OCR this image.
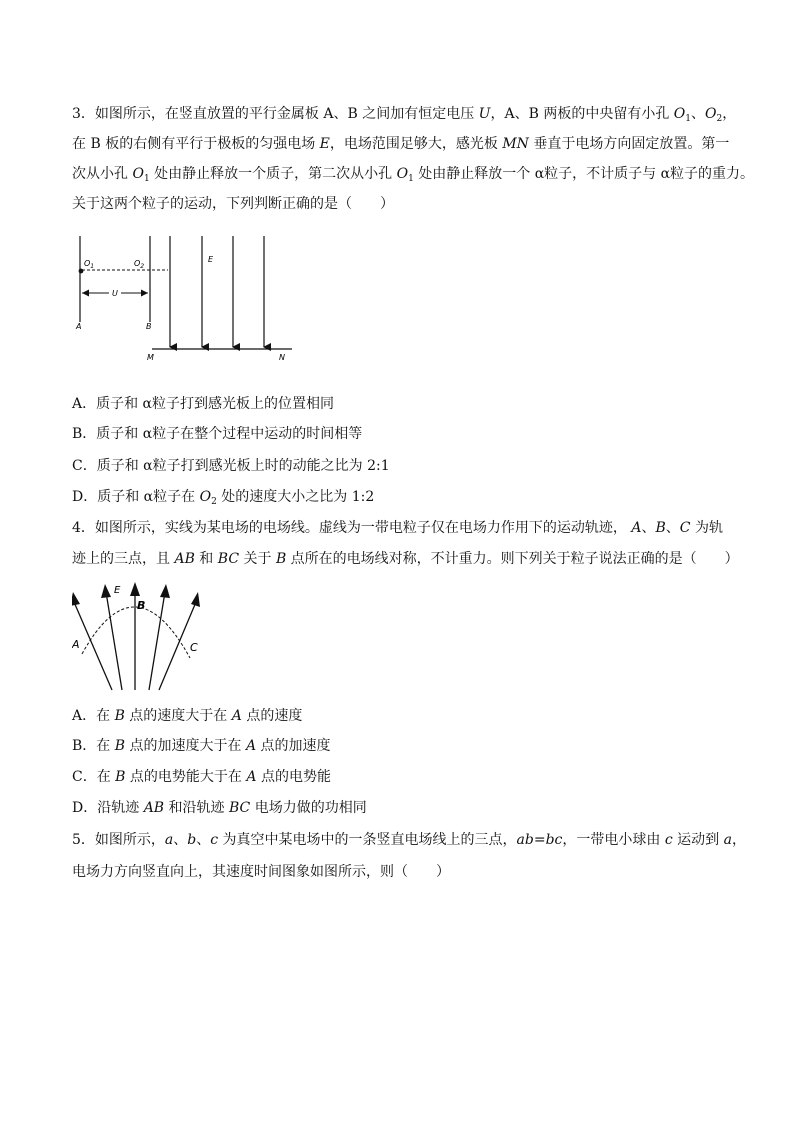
3．如图所示，在竖直放置的平行金属板 A、B 之间加有恒定电压 U，A、B 两板的中央留有小孔 $O_1$、$O_2$，
在 B 板的右侧有平行于极板的匀强电场 E，电场范围足够大，感光板 MN 垂直于电场方向固定放置。第一
次从小孔 $O_1$ 处由静止释放一个质子，第二次从小孔 $O_1$ 处由静止释放一个 α粒子，不计质子与 α粒子的重力。
关于这两个粒子的运动，下列判断正确的是（　　）
$O_1$	$O_2$
U
A	B
E
M	N
A．质子和 α粒子打到感光板上的位置相同
B．质子和 α粒子在整个过程中运动的时间相等
C．质子和 α粒子打到感光板上时的动能之比为 2:1
D．质子和 α粒子在 $O_2$ 处的速度大小之比为 1:2
4．如图所示，实线为某电场的电场线。虚线为一带电粒子仅在电场力作用下的运动轨迹， A、B、C 为轨
迹上的三点，且 AB 和 BC 关于 B 点所在的电场线对称，不计重力。则下列关于粒子说法正确的是（　　）
E
B
A	C
A．在 B 点的速度大于在 A 点的速度
B．在 B 点的加速度大于在 A 点的加速度
C．在 B 点的电势能大于在 A 点的电势能
D．沿轨迹 AB 和沿轨迹 BC 电场力做的功相同
5．如图所示，a、b、c 为真空中某电场中的一条竖直电场线上的三点，ab=bc，一带电小球由 c 运动到 a，
电场力方向竖直向上，其速度时间图象如图所示，则（　　）
